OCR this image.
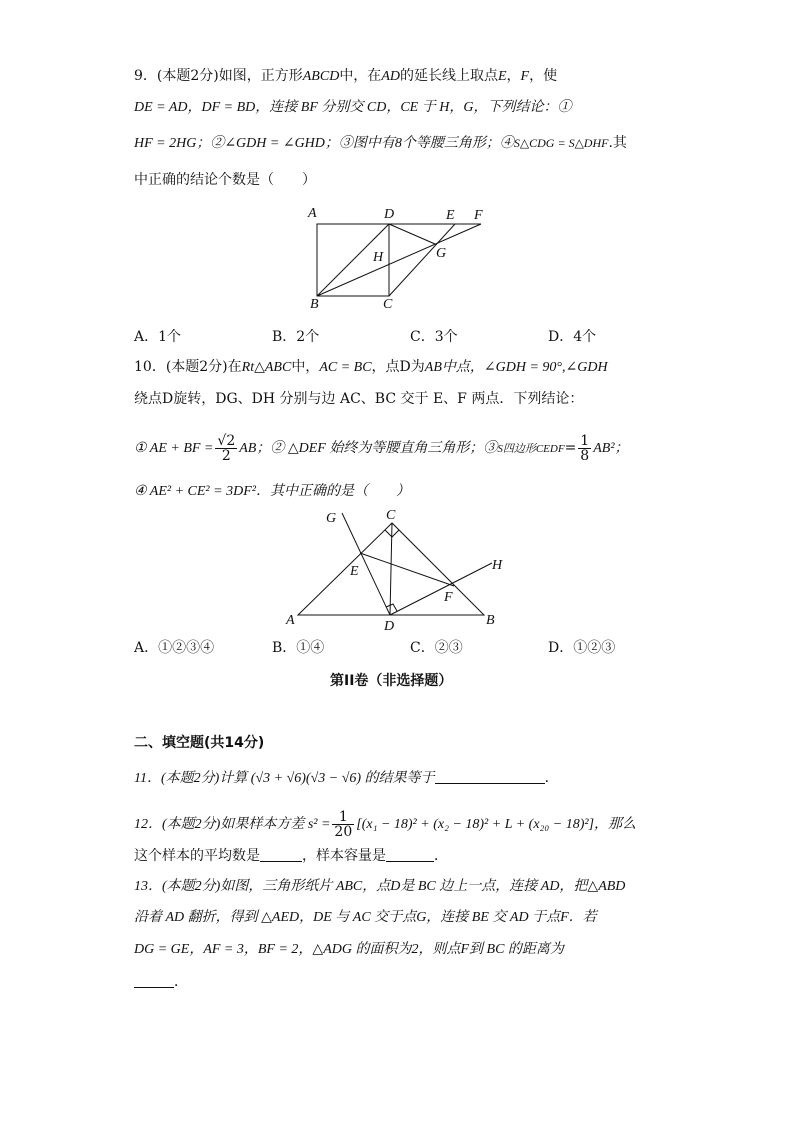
9．(本题2分)如图，正方形ABCD中，在AD的延长线上取点E，F，使
DE = AD，DF = BD，连接 BF 分别交 CD，CE 于 H，G，下列结论：①
HF = 2HG；②∠GDH = ∠GHD；③图中有8个等腰三角形；④S△CDG = S△DHF.其
中正确的结论个数是（　　）
A	D	E F
H	G
B	C
A．1个	B．2个	C．3个	D．4个
10．(本题2分)在Rt△ABC中，AC = BC，点D为AB中点，∠GDH = 90°,∠GDH
绕点D旋转，DG、DH 分别与边 AC、BC 交于 E、F 两点．下列结论：
① AE + BF = $\frac{√2}{2}$ AB；② △DEF 始终为等腰直角三角形；③S四边形CEDF= $\frac{1}{8} AB^2$；
④ AE² + CE² = 3DF²．其中正确的是（　　）
G	C
H
E
F
A	D	B
A．①②③④	B．①④	C．②③	D．①②③
第II卷（非选择题）
二、填空题(共14分)
11．(本题2分)计算 (√3 + √6)(√3 − √6) 的结果等于	．
12．(本题2分)如果样本方差 $s^2 = \frac{1}{20} [(x_1 - 18)^2 + (x_2 - 18)^2 + L + (x_{20} - 18)^2]$，那么
这个样本的平均数是	，样本容量是	．
13．(本题2分)如图，三角形纸片 ABC，点D是 BC 边上一点，连接 AD，把△ABD
沿着 AD 翻折，得到 △AED，DE 与 AC 交于点G，连接 BE 交 AD 于点F．若
DG = GE，AF = 3，BF = 2，△ADG 的面积为2，则点F到 BC 的距离为
．
